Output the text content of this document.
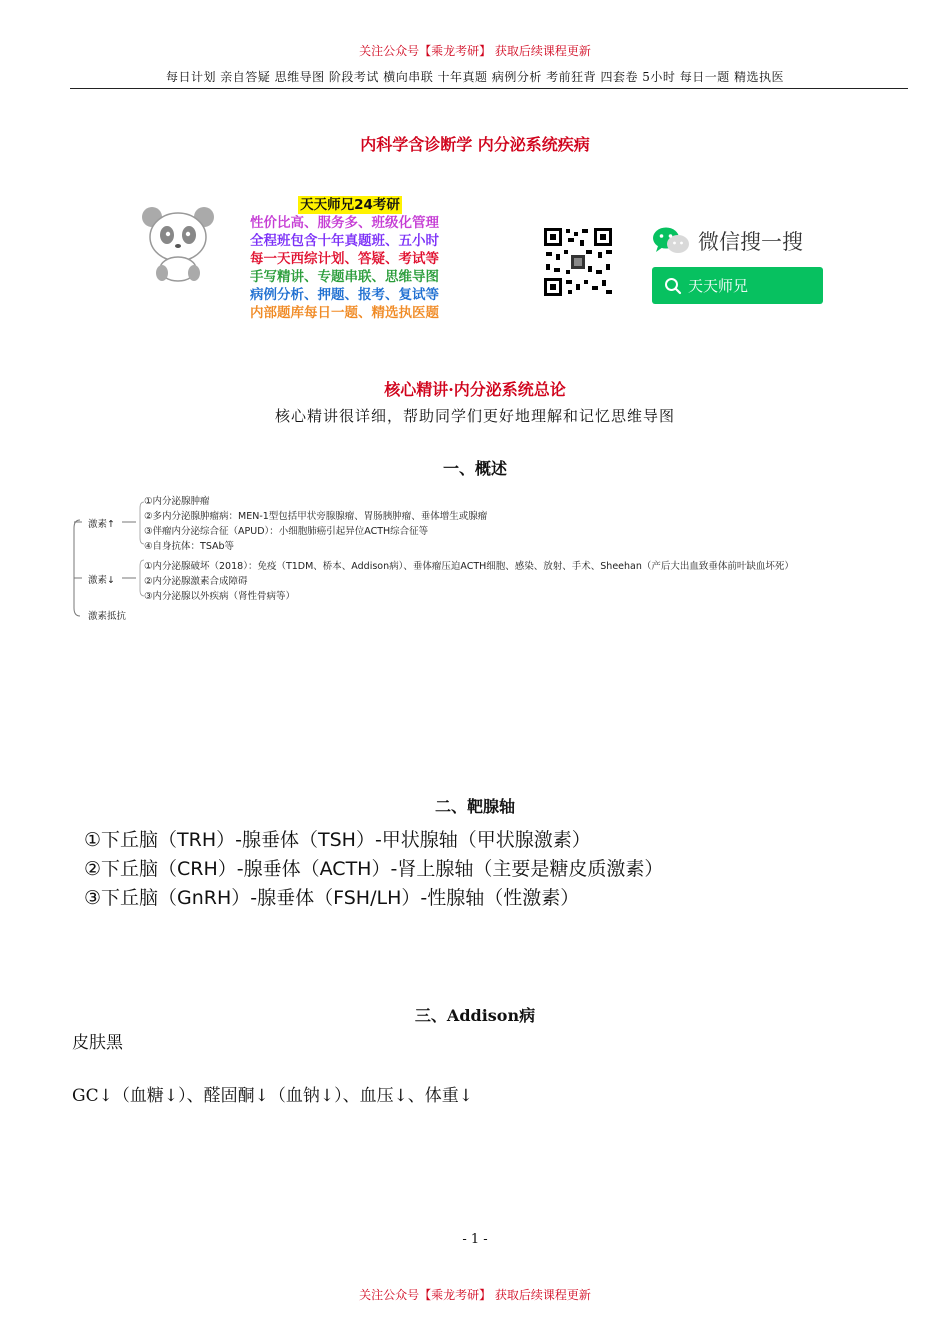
关注公众号【乘龙考研】 获取后续课程更新
每日计划 亲自答疑 思维导图 阶段考试 横向串联 十年真题 病例分析 考前狂背 四套卷 5小时 每日一题 精选执医
内科学含诊断学 内分泌系统疾病
天天师兄24考研
性价比高、服务多、班级化管理
全程班包含十年真题班、五小时
每一天西综计划、答疑、考试等
手写精讲、专题串联、思维导图
病例分析、押题、报考、复试等
内部题库每日一题、精选执医题
微信搜一搜
天天师兄
核心精讲·内分泌系统总论
核心精讲很详细，帮助同学们更好地理解和记忆思维导图
一、概述
激素↑
①内分泌腺肿瘤
②多内分泌腺肿瘤病：MEN-1型包括甲状旁腺腺瘤、胃肠胰肿瘤、垂体增生或腺瘤
③伴瘤内分泌综合征（APUD）：小细胞肺癌引起异位ACTH综合征等
④自身抗体：TSAb等
激素↓
①内分泌腺破坏（2018）：免疫（T1DM、桥本、Addison病）、垂体瘤压迫ACTH细胞、感染、放射、手术、Sheehan（产后大出血致垂体前叶缺血坏死）
②内分泌腺激素合成障碍
③内分泌腺以外疾病（肾性骨病等）
激素抵抗
二、靶腺轴
①下丘脑（TRH）-腺垂体（TSH）-甲状腺轴（甲状腺激素）
②下丘脑（CRH）-腺垂体（ACTH）-肾上腺轴（主要是糖皮质激素）
③下丘脑（GnRH）-腺垂体（FSH/LH）-性腺轴（性激素）
三、Addison病
皮肤黑
GC↓（血糖↓）、醛固酮↓（血钠↓）、血压↓、体重↓
- 1 -
关注公众号【乘龙考研】 获取后续课程更新
